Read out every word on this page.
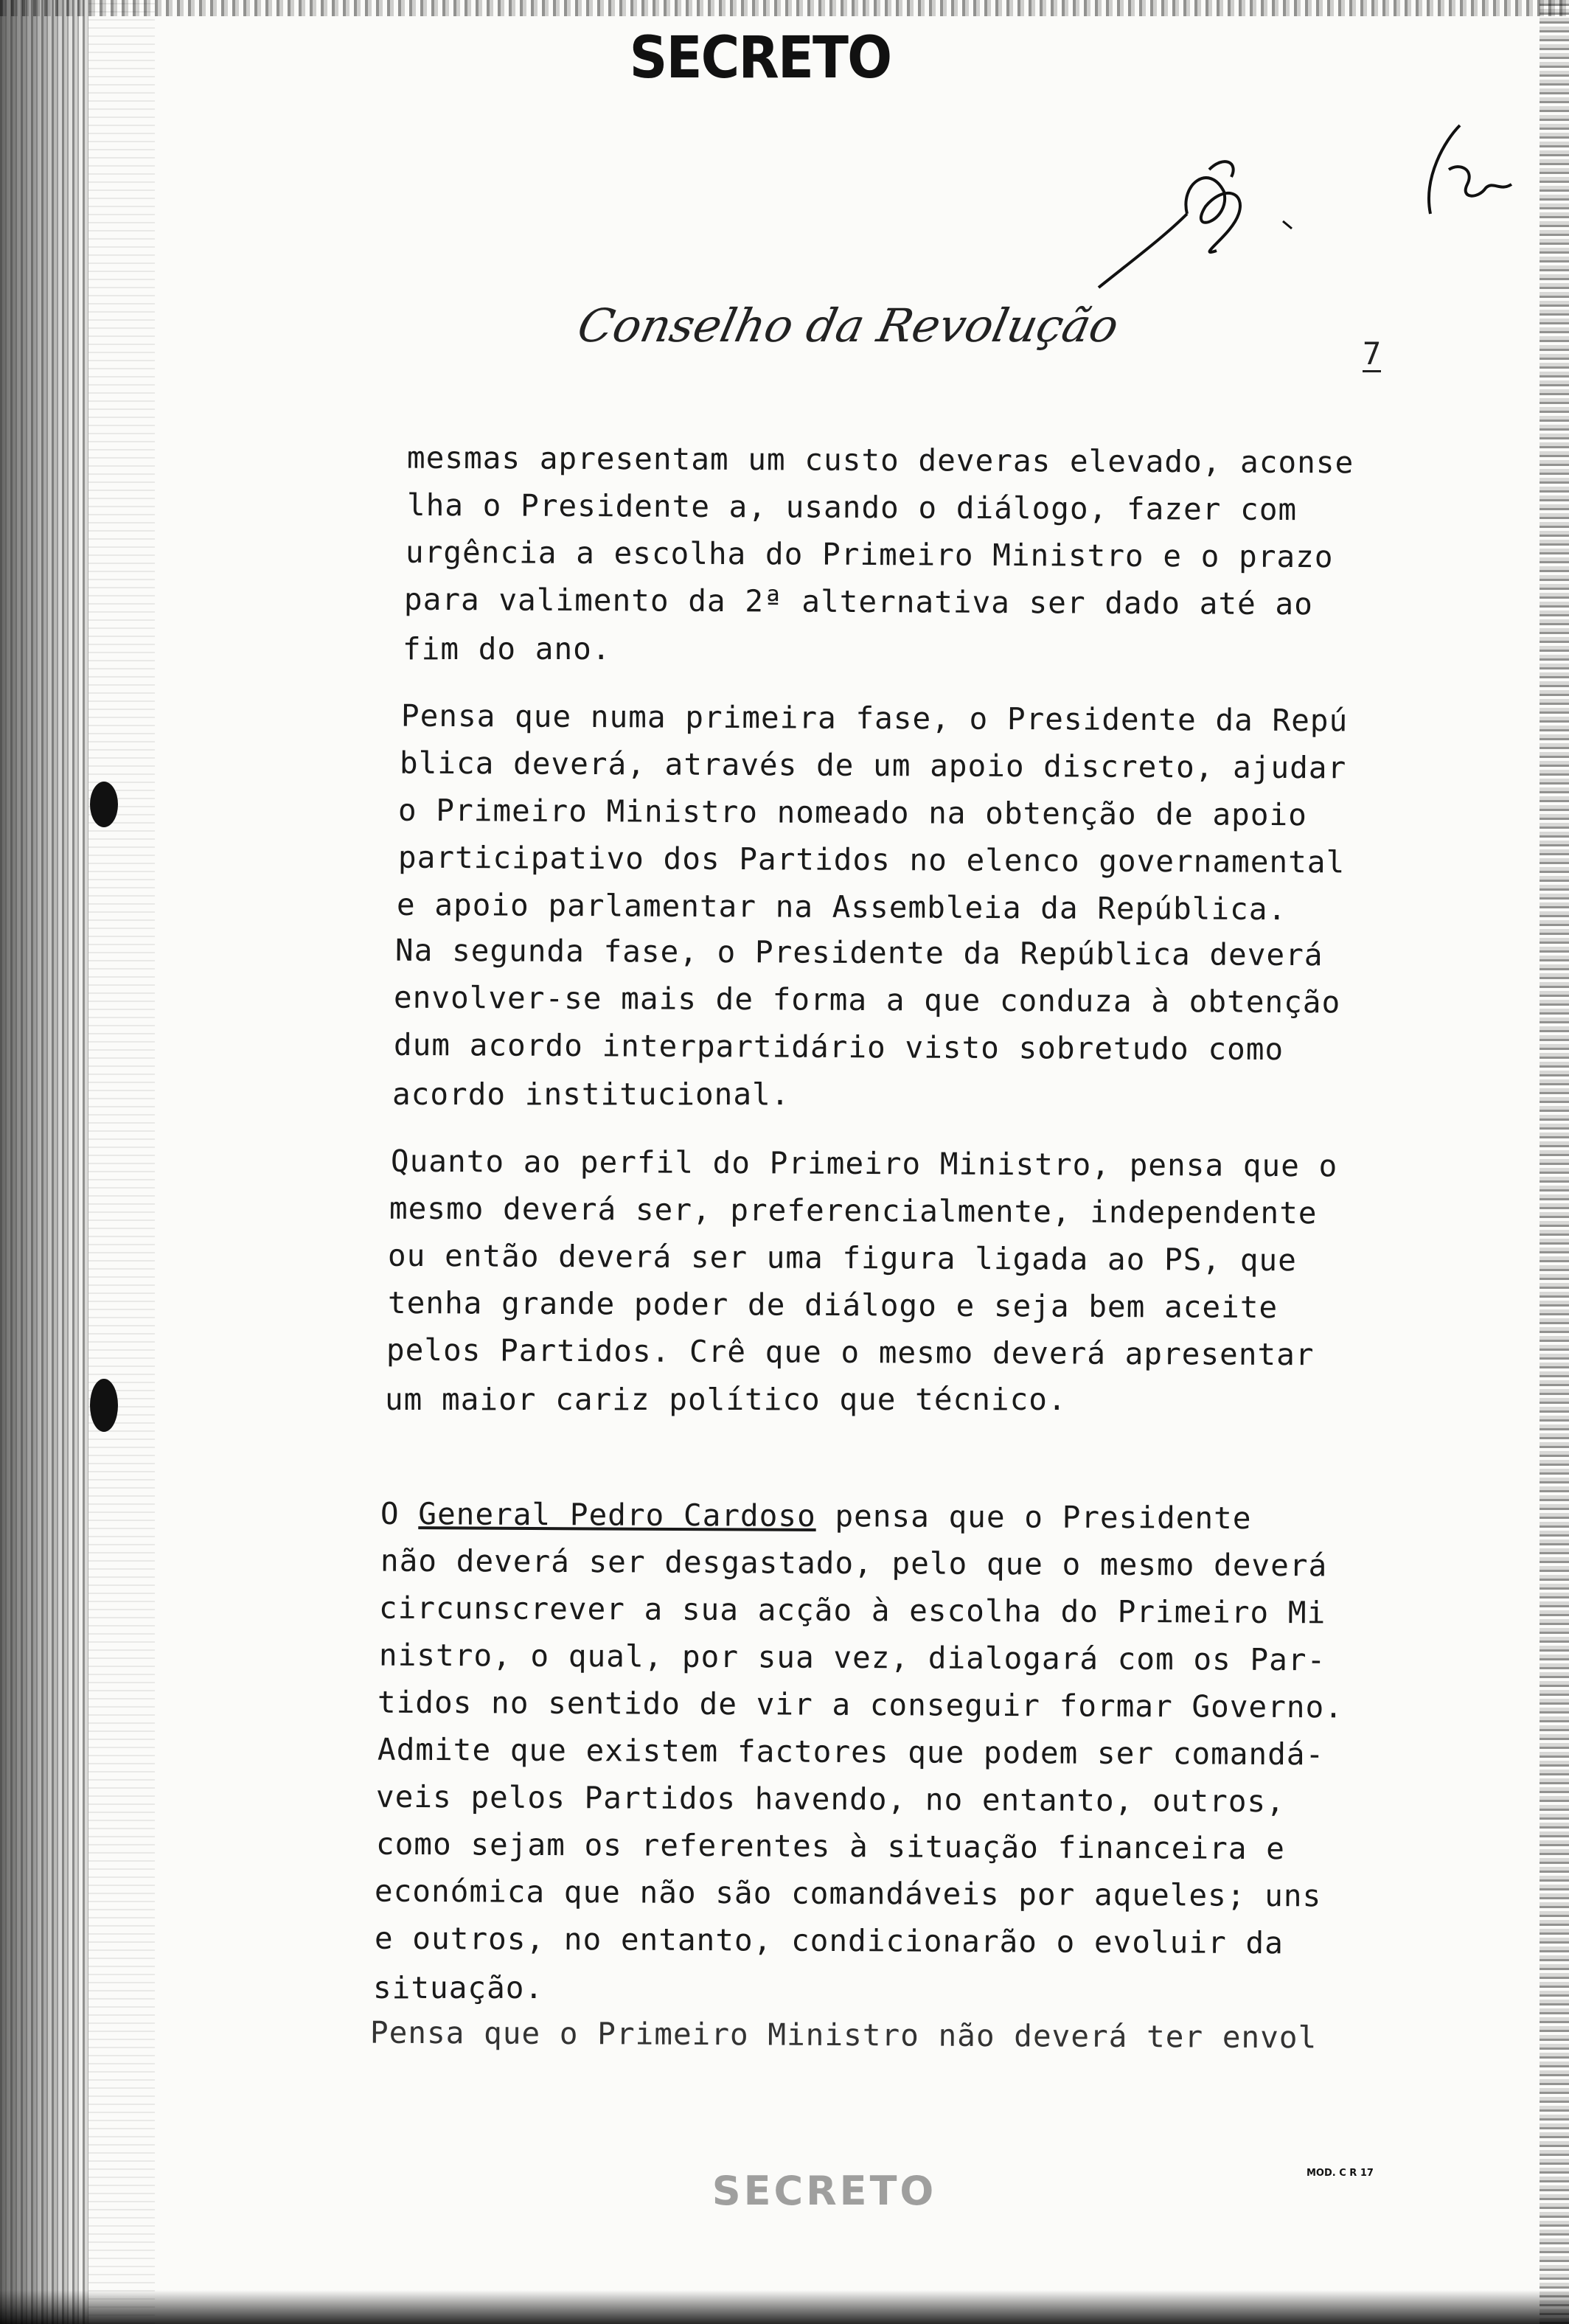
SECRETO
Conselho da Revolução
7
mesmas apresentam um custo deveras elevado, aconse
lha o Presidente a, usando o diálogo, fazer com
urgência a escolha do Primeiro Ministro e o prazo
para valimento da 2ª alternativa ser dado até ao
fim do ano.
Pensa que numa primeira fase, o Presidente da Repú
blica deverá, através de um apoio discreto, ajudar
o Primeiro Ministro nomeado na obtenção de apoio
participativo dos Partidos no elenco governamental
e apoio parlamentar na Assembleia da República.
Na segunda fase, o Presidente da República deverá
envolver-se mais de forma a que conduza à obtenção
dum acordo interpartidário visto sobretudo como
acordo institucional.
Quanto ao perfil do Primeiro Ministro, pensa que o
mesmo deverá ser, preferencialmente, independente
ou então deverá ser uma figura ligada ao PS, que
tenha grande poder de diálogo e seja bem aceite
pelos Partidos. Crê que o mesmo deverá apresentar
um maior cariz político que técnico.
O General Pedro Cardoso pensa que o Presidente
não deverá ser desgastado, pelo que o mesmo deverá
circunscrever a sua acção à escolha do Primeiro Mi
nistro, o qual, por sua vez, dialogará com os Par-
tidos no sentido de vir a conseguir formar Governo.
Admite que existem factores que podem ser comandá-
veis pelos Partidos havendo, no entanto, outros,
como sejam os referentes à situação financeira e
económica que não são comandáveis por aqueles; uns
e outros, no entanto, condicionarão o evoluir da
situação.
Pensa que o Primeiro Ministro não deverá ter envol
SECRETO	MOD. C R 17
